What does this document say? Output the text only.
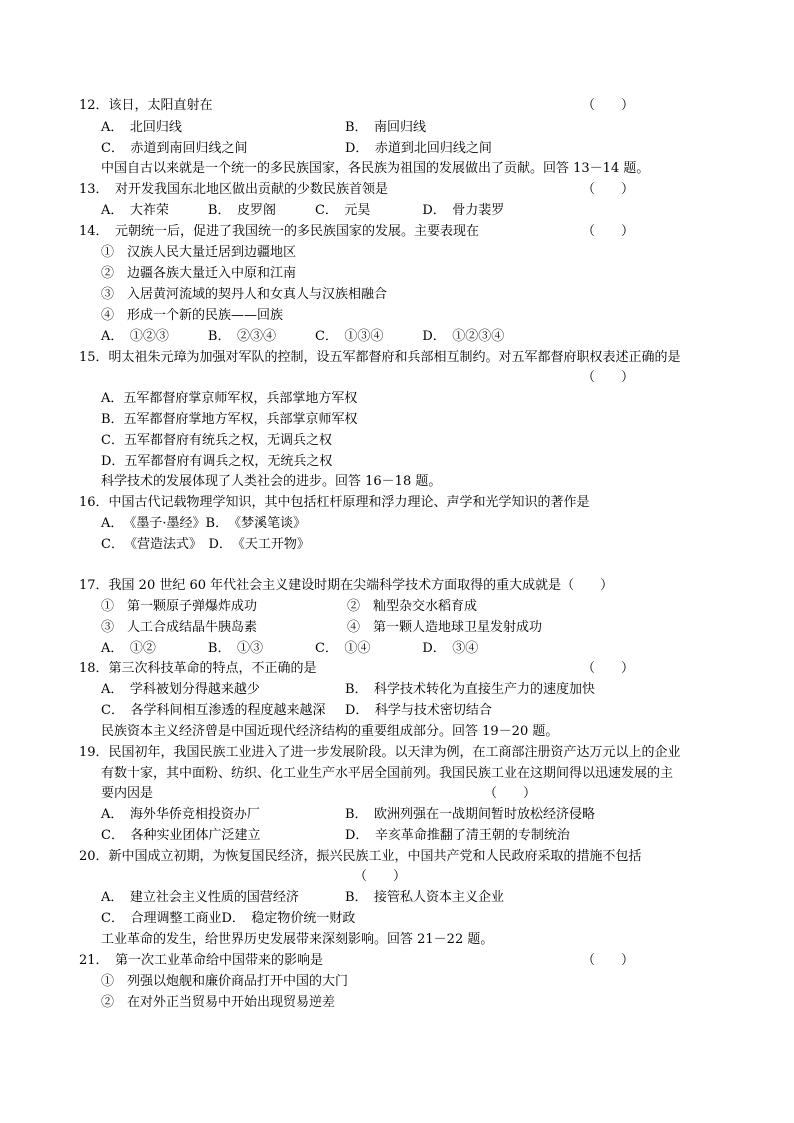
12．该日，太阳直射在	（　　）
A．　北回归线	B．　南回归线
C．　赤道到南回归线之间	D．　赤道到北回归线之间
中国自古以来就是一个统一的多民族国家，各民族为祖国的发展做出了贡献。回答 13－14 题。
13．　对开发我国东北地区做出贡献的少数民族首领是	（　　）
A．　大祚荣　　　B．　皮罗阁　　　C．　元昊　　　　D．　骨力裴罗
14．　元朝统一后，促进了我国统一的多民族国家的发展。主要表现在	（　　）
①　汉族人民大量迁居到边疆地区
②　边疆各族大量迁入中原和江南
③　入居黄河流域的契丹人和女真人与汉族相融合
④　形成一个新的民族——回族
A．　①②③　　　B．　②③④　　　C．　①③④　　　D．　①②③④
15．明太祖朱元璋为加强对军队的控制，设五军都督府和兵部相互制约。对五军都督府职权表述正确的是
（　　）
A．五军都督府掌京师军权，兵部掌地方军权
B．五军都督府掌地方军权，兵部掌京师军权
C．五军都督府有统兵之权，无调兵之权
D．五军都督府有调兵之权，无统兵之权
科学技术的发展体现了人类社会的进步。回答 16－18 题。
16．中国古代记载物理学知识，其中包括杠杆原理和浮力理论、声学和光学知识的著作是
A．　《墨子·墨经》B．　《梦溪笔谈》
C．　《营造法式》　D．　《天工开物》
17．我国 20 世纪 60 年代社会主义建设时期在尖端科学技术方面取得的重大成就是（　　）
①　第一颗原子弹爆炸成功	②　籼型杂交水稻育成
③　人工合成结晶牛胰岛素	④　第一颗人造地球卫星发射成功
A．　①②　　　　B．　①③　　　　C．　①④　　　　D．　③④
18．第三次科技革命的特点，不正确的是	（　　）
A．　学科被划分得越来越少	B．　科学技术转化为直接生产力的速度加快
C．　各学科间相互渗透的程度越来越深 D．　科学与技术密切结合
民族资本主义经济曾是中国近现代经济结构的重要组成部分。回答 19－20 题。
19．民国初年，我国民族工业进入了进一步发展阶段。以天津为例，在工商部注册资产达万元以上的企业
有数十家，其中面粉、纺织、化工业生产水平居全国前列。我国民族工业在这期间得以迅速发展的主
要内因是	（　　）
A．　海外华侨竞相投资办厂	B．　欧洲列强在一战期间暂时放松经济侵略
C．　各种实业团体广泛建立	D．　辛亥革命推翻了清王朝的专制统治
20．新中国成立初期，为恢复国民经济，振兴民族工业，中国共产党和人民政府采取的措施不包括
（　　）
A．　建立社会主义性质的国营经济	B．　接管私人资本主义企业
C．　合理调整工商业D．　稳定物价统一财政
工业革命的发生，给世界历史发展带来深刻影响。回答 21－22 题。
21．　第一次工业革命给中国带来的影响是	（　　）
①　列强以炮舰和廉价商品打开中国的大门
②　在对外正当贸易中开始出现贸易逆差
